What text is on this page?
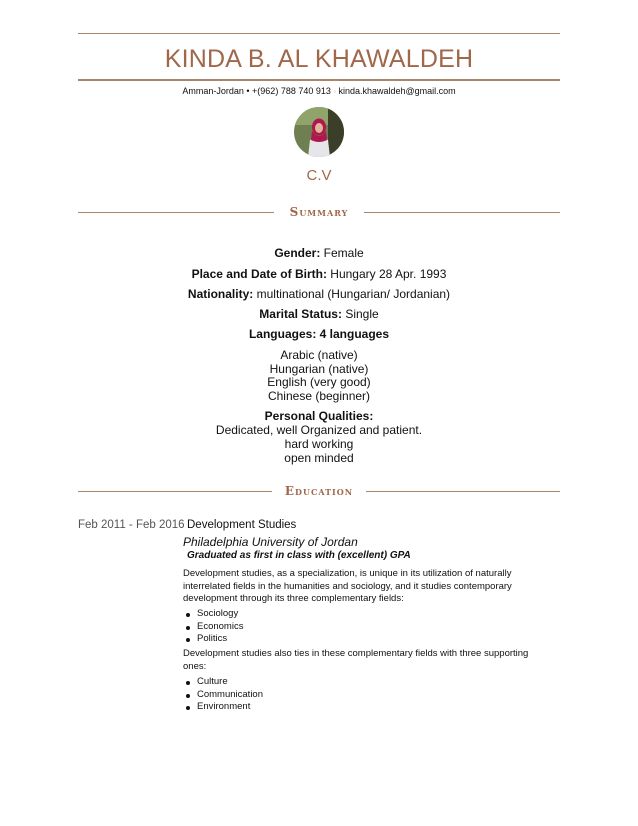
KINDA B. AL KHAWALDEH
Amman-Jordan • +(962) 788 740 913 ◦ kinda.khawaldeh@gmail.com
C.V
Summary
Gender: Female
Place and Date of Birth: Hungary 28 Apr. 1993
Nationality: multinational (Hungarian/ Jordanian)
Marital Status: Single
Languages: 4 languages
Arabic (native)
Hungarian (native)
English (very good)
Chinese (beginner)
Personal Qualities:
Dedicated, well Organized and patient.
hard working
open minded
Education
Feb 2011 - Feb 2016 Development Studies
Philadelphia University of Jordan
Graduated as first in class with (excellent) GPA
Development studies, as a specialization, is unique in its utilization of naturally interrelated fields in the humanities and sociology, and it studies contemporary development through its three complementary fields:
Sociology
Economics
Politics
Development studies also ties in these complementary fields with three supporting ones:
Culture
Communication
Environment
